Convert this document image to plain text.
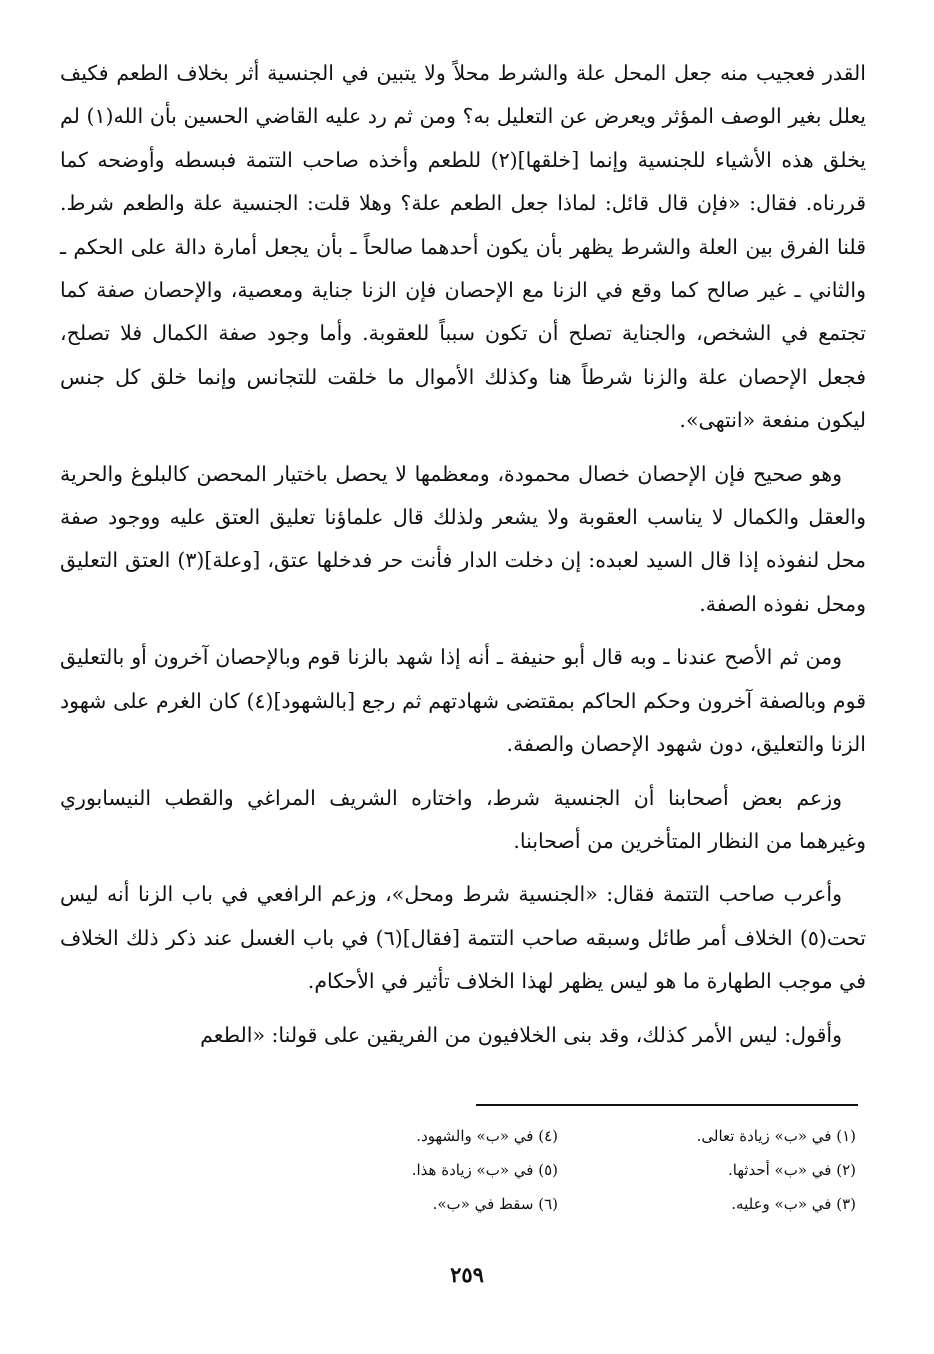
القدر فعجيب منه جعل المحل علة والشرط محلاً ولا يتبين في الجنسية أثر بخلاف الطعم فكيف يعلل بغير الوصف المؤثر ويعرض عن التعليل به؟ ومن ثم رد عليه القاضي الحسين بأن الله(١) لم يخلق هذه الأشياء للجنسية وإنما [خلقها](٢) للطعم وأخذه صاحب التتمة فبسطه وأوضحه كما قررناه. فقال: «فإن قال قائل: لماذا جعل الطعم علة؟ وهلا قلت: الجنسية علة والطعم شرط. قلنا الفرق بين العلة والشرط يظهر بأن يكون أحدهما صالحاً ـ بأن يجعل أمارة دالة على الحكم ـ والثاني ـ غير صالح كما وقع في الزنا مع الإحصان فإن الزنا جناية ومعصية، والإحصان صفة كما تجتمع في الشخص، والجناية تصلح أن تكون سبباً للعقوبة. وأما وجود صفة الكمال فلا تصلح، فجعل الإحصان علة والزنا شرطاً هنا وكذلك الأموال ما خلقت للتجانس وإنما خلق كل جنس ليكون منفعة «انتهى».

وهو صحيح فإن الإحصان خصال محمودة، ومعظمها لا يحصل باختيار المحصن كالبلوغ والحرية والعقل والكمال لا يناسب العقوبة ولا يشعر ولذلك قال علماؤنا تعليق العتق عليه ووجود صفة محل لنفوذه إذا قال السيد لعبده: إن دخلت الدار فأنت حر فدخلها عتق، [وعلة](٣) العتق التعليق ومحل نفوذه الصفة.

ومن ثم الأصح عندنا ـ وبه قال أبو حنيفة ـ أنه إذا شهد بالزنا قوم وبالإحصان آخرون أو بالتعليق قوم وبالصفة آخرون وحكم الحاكم بمقتضى شهادتهم ثم رجع [بالشهود](٤) كان الغرم على شهود الزنا والتعليق، دون شهود الإحصان والصفة.

وزعم بعض أصحابنا أن الجنسية شرط، واختاره الشريف المراغي والقطب النيسابوري وغيرهما من النظار المتأخرين من أصحابنا.

وأعرب صاحب التتمة فقال: «الجنسية شرط ومحل»، وزعم الرافعي في باب الزنا أنه ليس تحت(٥) الخلاف أمر طائل وسبقه صاحب التتمة [فقال](٦) في باب الغسل عند ذكر ذلك الخلاف في موجب الطهارة ما هو ليس يظهر لهذا الخلاف تأثير في الأحكام.

وأقول: ليس الأمر كذلك، وقد بنى الخلافيون من الفريقين على قولنا: «الطعم

(١) في «ب» زيادة تعالى.
(٤) في «ب» والشهود.
(٢) في «ب» أحدثها.
(٥) في «ب» زيادة هذا.
(٣) في «ب» وعليه.
(٦) سقط في «ب».
٢٥٩
